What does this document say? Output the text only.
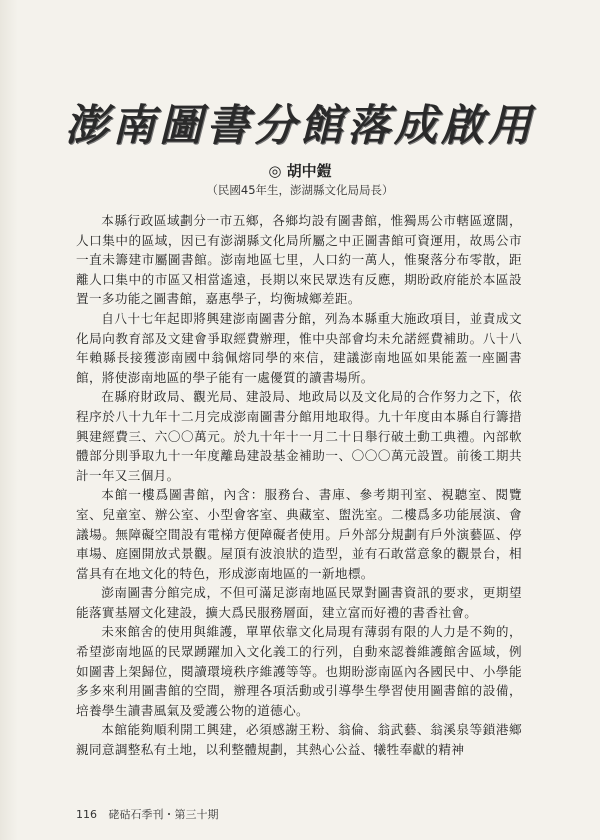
澎南圖書分館落成啟用
◎ 胡中鎧
（民國45年生，澎湖縣文化局局長）

本縣行政區域劃分一市五鄉，各鄉均設有圖書館，惟獨馬公市轄區遼闊，人口集中的區域，因已有澎湖縣文化局所屬之中正圖書館可資運用，故馬公市一直未籌建市屬圖書館。澎南地區七里，人口約一萬人，惟聚落分布零散，距離人口集中的市區又相當遙遠，長期以來民眾迭有反應，期盼政府能於本區設置一多功能之圖書館，嘉惠學子，均衡城鄉差距。

自八十七年起即將興建澎南圖書分館，列為本縣重大施政項目，並責成文化局向教育部及文建會爭取經費辦理，惟中央部會均未允諾經費補助。八十八年賴縣長接獲澎南國中翁佩熔同學的來信，建議澎南地區如果能蓋一座圖書館，將使澎南地區的學子能有一處優質的讀書場所。

在縣府財政局、觀光局、建設局、地政局以及文化局的合作努力之下，依程序於八十九年十二月完成澎南圖書分館用地取得。九十年度由本縣自行籌措興建經費三、六〇〇萬元。於九十年十一月二十日舉行破土動工典禮。內部軟體部分則爭取九十一年度離島建設基金補助一、〇〇〇萬元設置。前後工期共計一年又三個月。

本館一樓爲圖書館，內含：服務台、書庫、參考期刊室、視聽室、閱覽室、兒童室、辦公室、小型會客室、典藏室、盥洗室。二樓爲多功能展演、會議場。無障礙空間設有電梯方便障礙者使用。戶外部分規劃有戶外演藝區、停車場、庭園開放式景觀。屋頂有波浪狀的造型，並有石敢當意象的觀景台，相當具有在地文化的特色，形成澎南地區的一新地標。

澎南圖書分館完成，不但可滿足澎南地區民眾對圖書資訊的要求，更期望能落實基層文化建設，擴大爲民服務層面，建立富而好禮的書香社會。

未來館舍的使用與維護，單單依靠文化局現有薄弱有限的人力是不夠的，希望澎南地區的民眾踴躍加入文化義工的行列，自動來認養維護館舍區域，例如圖書上架歸位，閱讀環境秩序維護等等。也期盼澎南區內各國民中、小學能多多來利用圖書館的空間，辦理各項活動或引導學生學習使用圖書館的設備，培養學生讀書風氣及愛護公物的道德心。

本館能夠順利開工興建，必須感謝王粉、翁倫、翁武藝、翁溪泉等鎖港鄉親同意調整私有土地，以利整體規劃，其熱心公益、犧牲奉獻的精神

116 硓𥑮石季刊・第三十期
